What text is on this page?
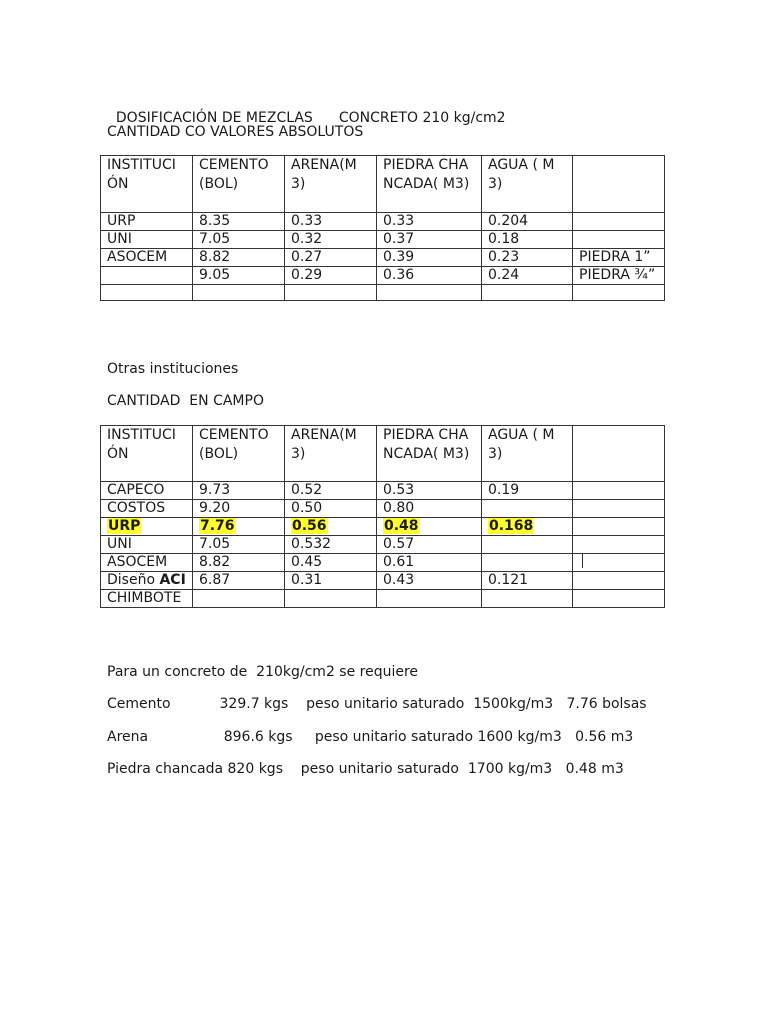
DOSIFICACIÓN DE MEZCLAS CONCRETO 210 kg/cm2

CANTIDAD CO VALORES ABSOLUTOS
INSTITUCIÓN	CEMENTO (BOL)	ARENA(M3)	PIEDRA CHANCADA( M3)	AGUA ( M3)	
URP	8.35	0.33	0.33	0.204	
UNI	7.05	0.32	0.37	0.18	
ASOCEM	8.82	0.27	0.39	0.23	PIEDRA 1”
	9.05	0.29	0.36	0.24	PIEDRA ¾”

Otras instituciones
CANTIDAD  EN CAMPO
INSTITUCIÓN	CEMENTO (BOL)	ARENA(M3)	PIEDRA CHANCADA( M3)	AGUA ( M3)	
CAPECO	9.73	0.52	0.53	0.19	
COSTOS	9.20	0.50	0.80		
URP	7.76	0.56	0.48	0.168	
UNI	7.05	0.532	0.57		
ASOCEM	8.82	0.45	0.61		
Diseño ACI	6.87	0.31	0.43	0.121	
CHIMBOTE					
Para un concreto de  210kg/cm2 se requiere
Cemento           329.7 kgs    peso unitario saturado  1500kg/m3   7.76 bolsas
Arena                 896.6 kgs     peso unitario saturado 1600 kg/m3   0.56 m3
Piedra chancada 820 kgs    peso unitario saturado  1700 kg/m3   0.48 m3
